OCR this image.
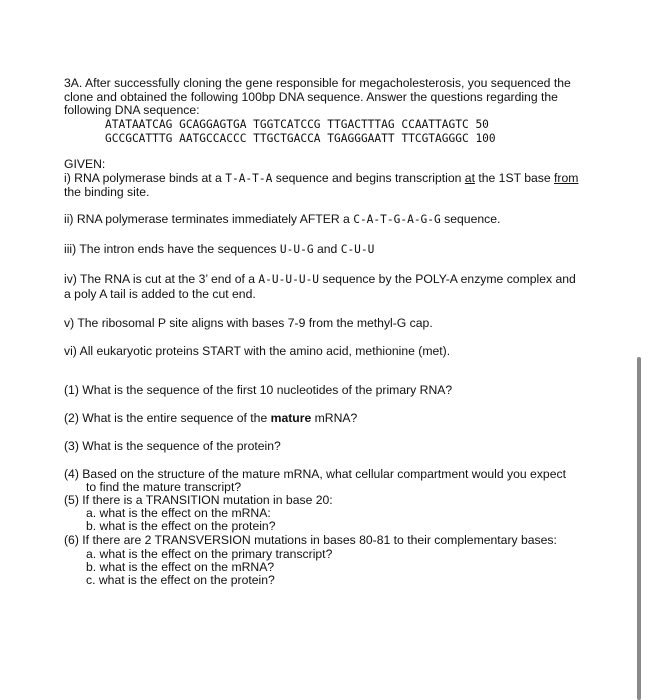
3A. After successfully cloning the gene responsible for megacholesterosis, you sequenced the
clone and obtained the following 100bp DNA sequence. Answer the questions regarding the
following DNA sequence:
ATATAATCAG GCAGGAGTGA TGGTCATCCG TTGACTTTAG CCAATTAGTC 50
GCCGCATTTG AATGCCACCC TTGCTGACCA TGAGGGAATT TTCGTAGGGC 100
GIVEN:
i) RNA polymerase binds at a T-A-T-A sequence and begins transcription at the 1ST base from
the binding site.
ii) RNA polymerase terminates immediately AFTER a C-A-T-G-A-G-G sequence.
iii) The intron ends have the sequences U-U-G and C-U-U
iv) The RNA is cut at the 3’ end of a A-U-U-U-U sequence by the POLY-A enzyme complex and
a poly A tail is added to the cut end.
v) The ribosomal P site aligns with bases 7-9 from the methyl-G cap.
vi) All eukaryotic proteins START with the amino acid, methionine (met).
(1) What is the sequence of the first 10 nucleotides of the primary RNA?
(2) What is the entire sequence of the mature mRNA?
(3) What is the sequence of the protein?
(4) Based on the structure of the mature mRNA, what cellular compartment would you expect
to find the mature transcript?
(5) If there is a TRANSITION mutation in base 20:
a. what is the effect on the mRNA:
b. what is the effect on the protein?
(6) If there are 2 TRANSVERSION mutations in bases 80-81 to their complementary bases:
a. what is the effect on the primary transcript?
b. what is the effect on the mRNA?
c. what is the effect on the protein?
